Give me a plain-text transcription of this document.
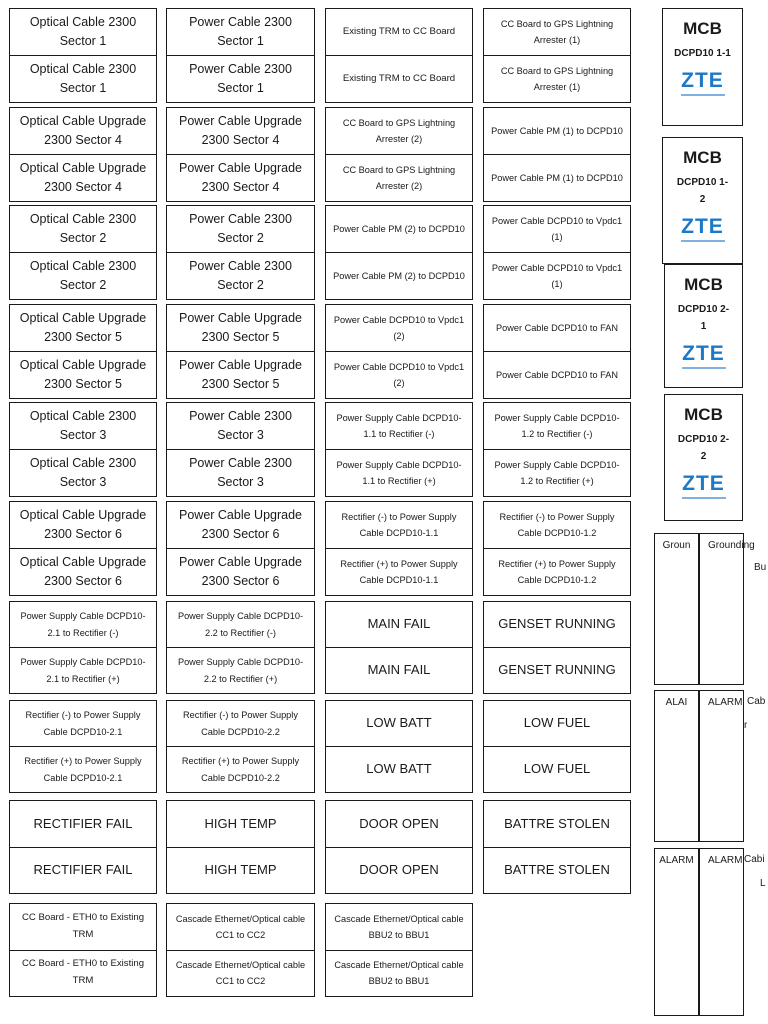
Optical Cable 2300 Sector 1
Optical Cable 2300 Sector 1
Optical Cable Upgrade 2300 Sector 4
Optical Cable Upgrade 2300 Sector 4
Optical Cable 2300 Sector 2
Optical Cable 2300 Sector 2
Optical Cable Upgrade 2300 Sector 5
Optical Cable Upgrade 2300 Sector 5
Optical Cable 2300 Sector 3
Optical Cable 2300 Sector 3
Optical Cable Upgrade 2300 Sector 6
Optical Cable Upgrade 2300 Sector 6
Power Supply Cable DCPD10-2.1 to Rectifier (-)
Power Supply Cable DCPD10-2.1 to Rectifier (+)
Rectifier (-) to Power Supply Cable DCPD10-2.1
Rectifier (+) to Power Supply Cable DCPD10-2.1
RECTIFIER FAIL
RECTIFIER FAIL
CC Board - ETH0 to Existing TRM
CC Board - ETH0 to Existing TRM
Power Cable 2300 Sector 1
Power Cable 2300 Sector 1
Power Cable Upgrade 2300 Sector 4
Power Cable Upgrade 2300 Sector 4
Power Cable 2300 Sector 2
Power Cable 2300 Sector 2
Power Cable Upgrade 2300 Sector 5
Power Cable Upgrade 2300 Sector 5
Power Cable 2300 Sector 3
Power Cable 2300 Sector 3
Power Cable Upgrade 2300 Sector 6
Power Cable Upgrade 2300 Sector 6
Power Supply Cable DCPD10-2.2 to Rectifier (-)
Power Supply Cable DCPD10-2.2 to Rectifier (+)
Rectifier (-) to Power Supply Cable DCPD10-2.2
Rectifier (+) to Power Supply Cable DCPD10-2.2
HIGH TEMP
HIGH TEMP
Cascade Ethernet/Optical cable CC1 to CC2
Cascade Ethernet/Optical cable CC1 to CC2
Existing TRM to CC Board
Existing TRM to CC Board
CC Board to GPS Lightning Arrester (2)
CC Board to GPS Lightning Arrester (2)
Power Cable PM (2) to DCPD10
Power Cable PM (2) to DCPD10
Power Cable DCPD10 to Vpdc1 (2)
Power Cable DCPD10 to Vpdc1 (2)
Power Supply Cable DCPD10-1.1 to Rectifier (-)
Power Supply Cable DCPD10-1.1 to Rectifier (+)
Rectifier (-) to Power Supply Cable DCPD10-1.1
Rectifier (+) to Power Supply Cable DCPD10-1.1
MAIN FAIL
MAIN FAIL
LOW BATT
LOW BATT
DOOR OPEN
DOOR OPEN
Cascade Ethernet/Optical cable BBU2 to BBU1
Cascade Ethernet/Optical cable BBU2 to BBU1
CC Board to GPS Lightning Arrester (1)
CC Board to GPS Lightning Arrester (1)
Power Cable PM (1) to DCPD10
Power Cable PM (1) to DCPD10
Power Cable DCPD10 to Vpdc1 (1)
Power Cable DCPD10 to Vpdc1 (1)
Power Cable DCPD10 to FAN
Power Cable DCPD10 to FAN
Power Supply Cable DCPD10-1.2 to Rectifier (-)
Power Supply Cable DCPD10-1.2 to Rectifier (+)
Rectifier (-) to Power Supply Cable DCPD10-1.2
Rectifier (+) to Power Supply Cable DCPD10-1.2
GENSET RUNNING
GENSET RUNNING
LOW FUEL
LOW FUEL
BATTRE STOLEN
BATTRE STOLEN
MCB
DCPD10 1-1
ZTE
MCB
DCPD10 1-2
ZTE
MCB
DCPD10 2-1
ZTE
MCB
DCPD10 2-2
ZTE
Groun	Grounding
Bu
ALAI	ALARM Cab
r
ALARM	ALARM Cabi
L
